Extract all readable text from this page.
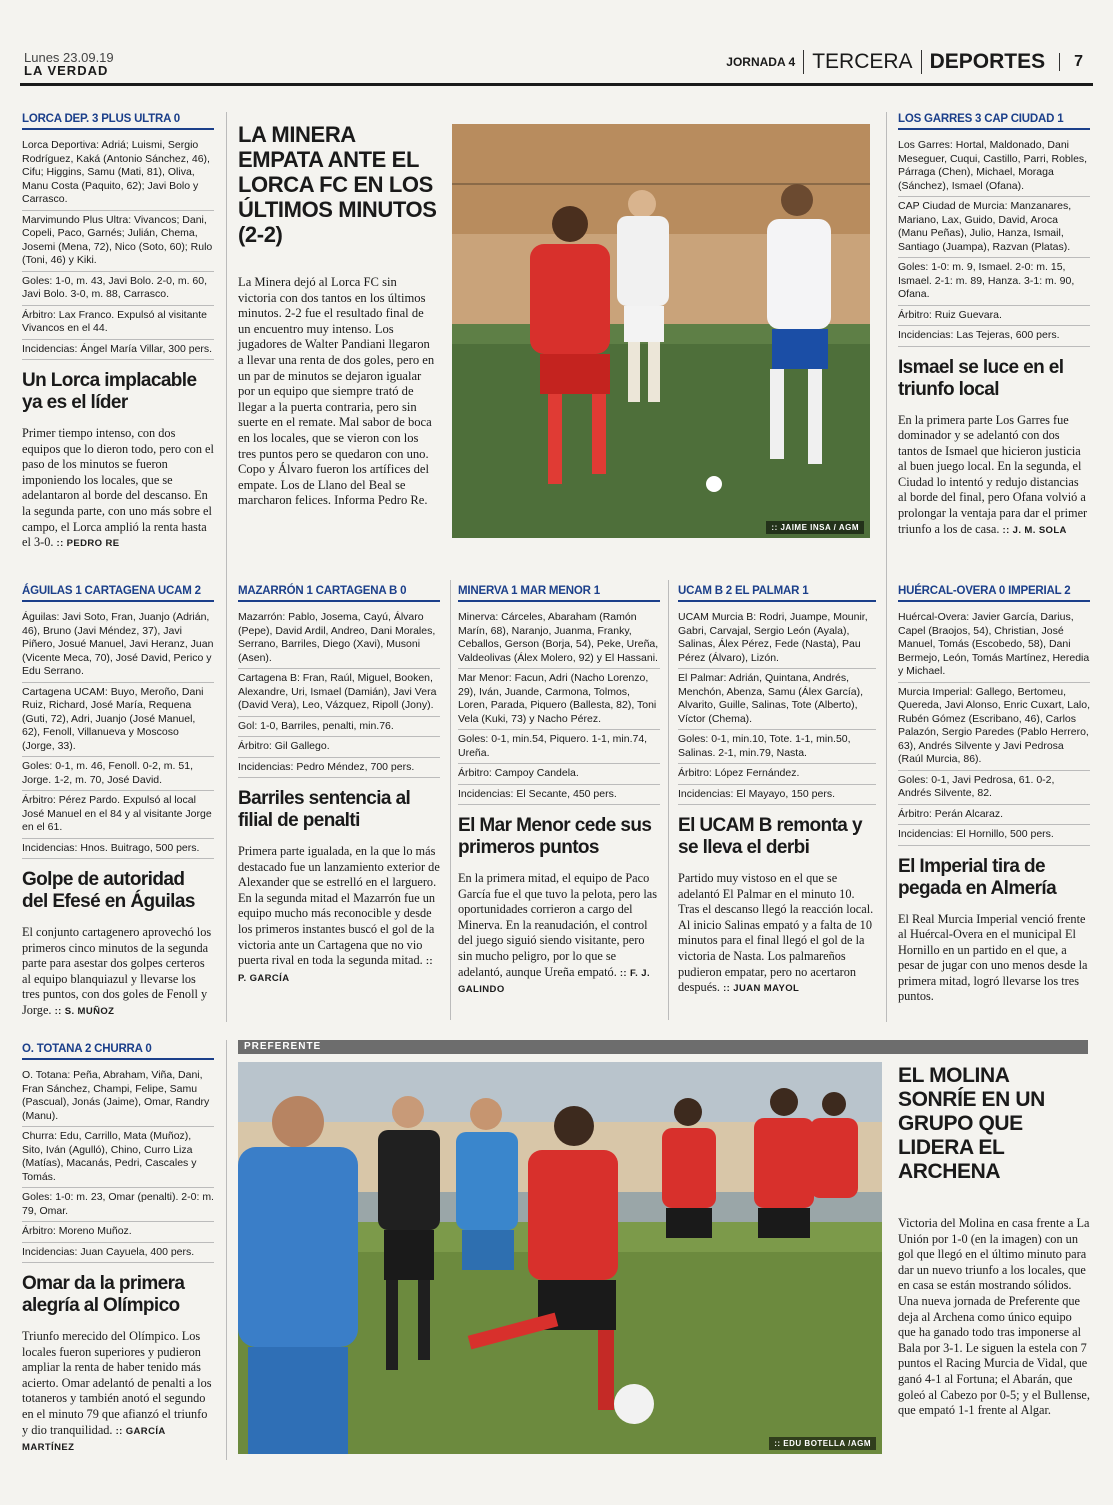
Lunes 23.09.19
LA VERDAD
JORNADA 4 TERCERA DEPORTES	7
LORCA DEP. 3 PLUS ULTRA 0
Lorca Deportiva: Adriá; Luismi, Sergio Rodríguez, Kaká (Antonio Sánchez, 46), Cifu; Higgins, Samu (Mati, 81), Oliva, Manu Costa (Paquito, 62); Javi Bolo y Carrasco.
Marvimundo Plus Ultra: Vivancos; Dani, Copeli, Paco, Garnés; Julián, Chema, Josemi (Mena, 72), Nico (Soto, 60); Rulo (Toni, 46) y Kiki.
Goles: 1-0, m. 43, Javi Bolo. 2-0, m. 60, Javi Bolo. 3-0, m. 88, Carrasco.
Árbitro: Lax Franco. Expulsó al visitante Vivancos en el 44.
Incidencias: Ángel María Villar, 300 pers.
Un Lorca implacable ya es el líder
Primer tiempo intenso, con dos equipos que lo dieron todo, pero con el paso de los minutos se fueron imponiendo los locales, que se adelantaron al borde del descanso. En la segunda parte, con uno más sobre el campo, el Lorca amplió la renta hasta el 3-0. :: PEDRO RE
LA MINERA EMPATA ANTE EL LORCA FC EN LOS ÚLTIMOS MINUTOS (2-2)
La Minera dejó al Lorca FC sin victoria con dos tantos en los últimos minutos. 2-2 fue el resultado final de un encuentro muy intenso. Los jugadores de Walter Pandiani llegaron a llevar una renta de dos goles, pero en un par de minutos se dejaron igualar por un equipo que siempre trató de llegar a la puerta contraria, pero sin suerte en el remate. Mal sabor de boca en los locales, que se vieron con los tres puntos pero se quedaron con uno. Copo y Álvaro fueron los artífices del empate. Los de Llano del Beal se marcharon felices. Informa Pedro Re.
:: JAIME INSA / AGM
LOS GARRES 3 CAP CIUDAD 1
Los Garres: Hortal, Maldonado, Dani Meseguer, Cuqui, Castillo, Parri, Robles, Párraga (Chen), Michael, Moraga (Sánchez), Ismael (Ofana).
CAP Ciudad de Murcia: Manzanares, Mariano, Lax, Guido, David, Aroca (Manu Peñas), Julio, Hanza, Ismail, Santiago (Juampa), Razvan (Platas).
Goles: 1-0: m. 9, Ismael. 2-0: m. 15, Ismael. 2-1: m. 89, Hanza. 3-1: m. 90, Ofana.
Árbitro: Ruiz Guevara.
Incidencias: Las Tejeras, 600 pers.
Ismael se luce en el triunfo local
En la primera parte Los Garres fue dominador y se adelantó con dos tantos de Ismael que hicieron justicia al buen juego local. En la segunda, el Ciudad lo intentó y redujo distancias al borde del final, pero Ofana volvió a prolongar la ventaja para dar el primer triunfo a los de casa. :: J. M. SOLA
ÁGUILAS 1 CARTAGENA UCAM 2
Águilas: Javi Soto, Fran, Juanjo (Adrián, 46), Bruno (Javi Méndez, 37), Javi Piñero, Josué Manuel, Javi Heranz, Juan (Vicente Meca, 70), José David, Perico y Edu Serrano.
Cartagena UCAM: Buyo, Meroño, Dani Ruiz, Richard, José María, Requena (Guti, 72), Adri, Juanjo (José Manuel, 62), Fenoll, Villanueva y Moscoso (Jorge, 33).
Goles: 0-1, m. 46, Fenoll. 0-2, m. 51, Jorge. 1-2, m. 70, José David.
Árbitro: Pérez Pardo. Expulsó al local José Manuel en el 84 y al visitante Jorge en el 61.
Incidencias: Hnos. Buitrago, 500 pers.
Golpe de autoridad del Efesé en Águilas
El conjunto cartagenero aprovechó los primeros cinco minutos de la segunda parte para asestar dos golpes certeros al equipo blanquiazul y llevarse los tres puntos, con dos goles de Fenoll y Jorge. :: S. MUÑOZ
MAZARRÓN 1 CARTAGENA B 0
Mazarrón: Pablo, Josema, Cayú, Álvaro (Pepe), David Ardil, Andreo, Dani Morales, Serrano, Barriles, Diego (Xavi), Musoni (Asen).
Cartagena B: Fran, Raúl, Miguel, Booken, Alexandre, Uri, Ismael (Damián), Javi Vera (David Vera), Leo, Vázquez, Ripoll (Jony).
Gol: 1-0, Barriles, penalti, min.76.
Árbitro: Gil Gallego.
Incidencias: Pedro Méndez, 700 pers.
Barriles sentencia al filial de penalti
Primera parte igualada, en la que lo más destacado fue un lanzamiento exterior de Alexander que se estrelló en el larguero. En la segunda mitad el Mazarrón fue un equipo mucho más reconocible y desde los primeros instantes buscó el gol de la victoria ante un Cartagena que no vio puerta rival en toda la segunda mitad. :: P. GARCÍA
MINERVA 1 MAR MENOR 1
Minerva: Cárceles, Abaraham (Ramón Marín, 68), Naranjo, Juanma, Franky, Ceballos, Gerson (Borja, 54), Peke, Ureña, Valdeolivas (Álex Molero, 92) y El Hassani.
Mar Menor: Facun, Adri (Nacho Lorenzo, 29), Iván, Juande, Carmona, Tolmos, Loren, Parada, Piquero (Ballesta, 82), Toni Vela (Kuki, 73) y Nacho Pérez.
Goles: 0-1, min.54, Piquero. 1-1, min.74, Ureña.
Árbitro: Campoy Candela.
Incidencias: El Secante, 450 pers.
El Mar Menor cede sus primeros puntos
En la primera mitad, el equipo de Paco García fue el que tuvo la pelota, pero las oportunidades corrieron a cargo del Minerva. En la reanudación, el control del juego siguió siendo visitante, pero sin mucho peligro, por lo que se adelantó, aunque Ureña empató. :: F. J. GALINDO
UCAM B 2 EL PALMAR 1
UCAM Murcia B: Rodri, Juampe, Mounir, Gabri, Carvajal, Sergio León (Ayala), Salinas, Álex Pérez, Fede (Nasta), Pau Pérez (Álvaro), Lizón.
El Palmar: Adrián, Quintana, Andrés, Menchón, Abenza, Samu (Álex García), Alvarito, Guille, Salinas, Tote (Alberto), Víctor (Chema).
Goles: 0-1, min.10, Tote. 1-1, min.50, Salinas. 2-1, min.79, Nasta.
Árbitro: López Fernández.
Incidencias: El Mayayo, 150 pers.
El UCAM B remonta y se lleva el derbi
Partido muy vistoso en el que se adelantó El Palmar en el minuto 10. Tras el descanso llegó la reacción local. Al inicio Salinas empató y a falta de 10 minutos para el final llegó el gol de la victoria de Nasta. Los palmareños pudieron empatar, pero no acertaron después. :: JUAN MAYOL
HUÉRCAL-OVERA 0 IMPERIAL 2
Huércal-Overa: Javier García, Darius, Capel (Braojos, 54), Christian, José Manuel, Tomás (Escobedo, 58), Dani Bermejo, León, Tomás Martínez, Heredia y Michael.
Murcia Imperial: Gallego, Bertomeu, Quereda, Javi Alonso, Enric Cuxart, Lalo, Rubén Gómez (Escribano, 46), Carlos Palazón, Sergio Paredes (Pablo Herrero, 63), Andrés Silvente y Javi Pedrosa (Raúl Murcia, 86).
Goles: 0-1, Javi Pedrosa, 61. 0-2, Andrés Silvente, 82.
Árbitro: Perán Alcaraz.
Incidencias: El Hornillo, 500 pers.
El Imperial tira de pegada en Almería
El Real Murcia Imperial venció frente al Huércal-Overa en el municipal El Hornillo en un partido en el que, a pesar de jugar con uno menos desde la primera mitad, logró llevarse los tres puntos.
O. TOTANA 2 CHURRA 0
O. Totana: Peña, Abraham, Viña, Dani, Fran Sánchez, Champi, Felipe, Samu (Pascual), Jonás (Jaime), Omar, Randry (Manu).
Churra: Edu, Carrillo, Mata (Muñoz), Sito, Iván (Agulló), Chino, Curro Liza (Matías), Macanás, Pedri, Cascales y Tomás.
Goles: 1-0: m. 23, Omar (penalti). 2-0: m. 79, Omar.
Árbitro: Moreno Muñoz.
Incidencias: Juan Cayuela, 400 pers.
Omar da la primera alegría al Olímpico
Triunfo merecido del Olímpico. Los locales fueron superiores y pudieron ampliar la renta de haber tenido más acierto. Omar adelantó de penalti a los totaneros y también anotó el segundo en el minuto 79 que afianzó el triunfo y dio tranquilidad. :: GARCÍA MARTÍNEZ
PREFERENTE
:: EDU BOTELLA /AGM
EL MOLINA SONRÍE EN UN GRUPO QUE LIDERA EL ARCHENA
Victoria del Molina en casa frente a La Unión por 1-0 (en la imagen) con un gol que llegó en el último minuto para dar un nuevo triunfo a los locales, que en casa se están mostrando sólidos. Una nueva jornada de Preferente que deja al Archena como único equipo que ha ganado todo tras imponerse al Bala por 3-1. Le siguen la estela con 7 puntos el Racing Murcia de Vidal, que ganó 4-1 al Fortuna; el Abarán, que goleó al Cabezo por 0-5; y el Bullense, que empató 1-1 frente al Algar.
